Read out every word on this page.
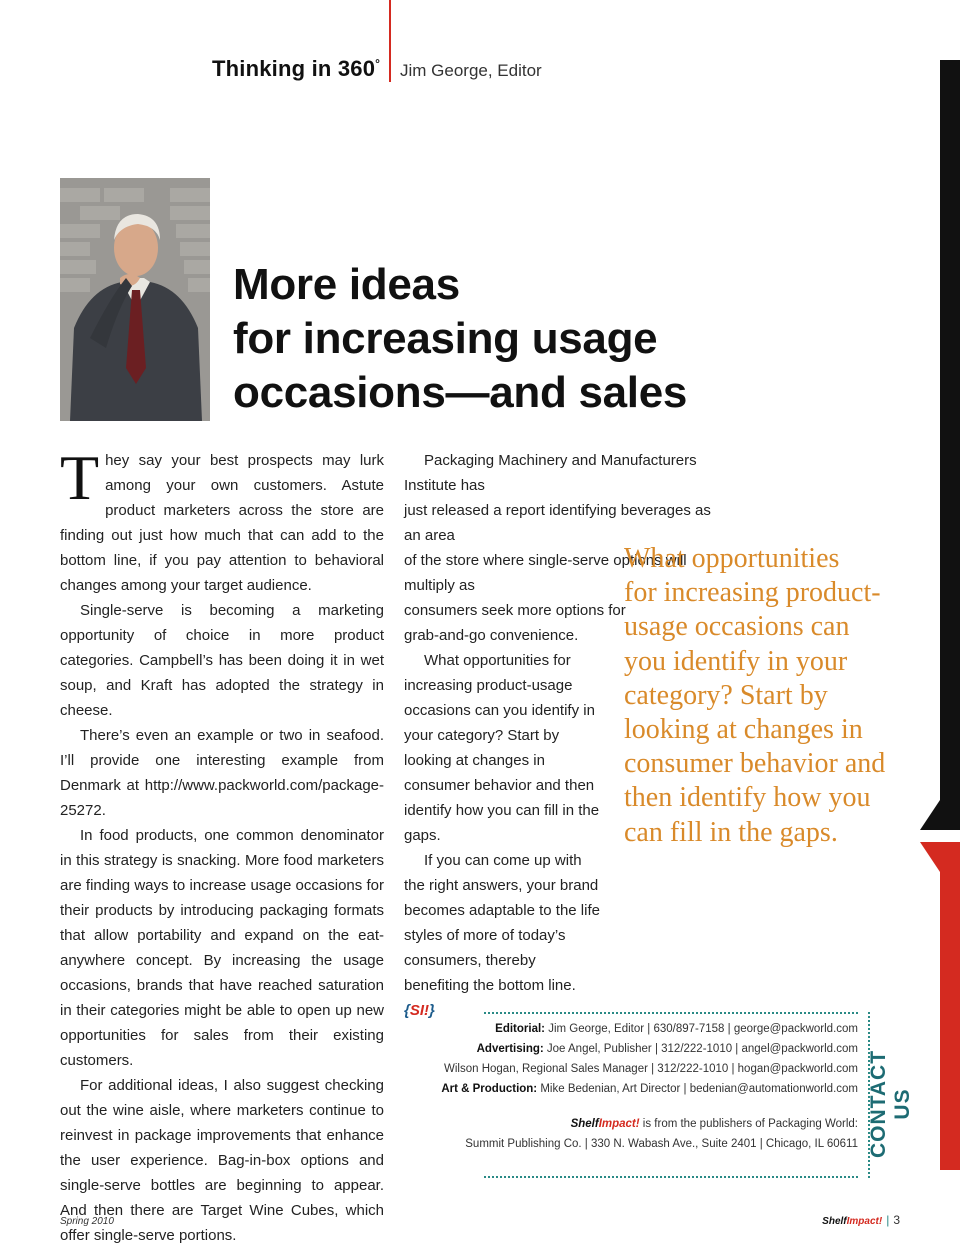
Thinking in 360° Jim George, Editor
More ideas
for increasing usage
occasions—and sales

They say your best prospects may lurk among your own customers. Astute product marketers across the store are finding out just how much that can add to the bottom line, if you pay attention to behavioral changes among your target audience.

Single-serve is becoming a marketing opportunity of choice in more product categories. Campbell’s has been doing it in wet soup, and Kraft has adopted the strategy in cheese.

There’s even an example or two in seafood. I’ll provide one interesting example from Denmark at http://www.packworld.com/package-25272.

In food products, one common denominator in this strategy is snacking. More food marketers are finding ways to increase usage occasions for their products by introducing packaging formats that allow portability and expand on the eat-anywhere concept. By increasing the usage occasions, brands that have reached saturation in their categories might be able to open up new opportunities for sales from their existing customers.

For additional ideas, I also suggest checking out the wine aisle, where marketers continue to reinvest in package improvements that enhance the user experience. Bag-in-box options and single-serve bottles are beginning to appear. And then there are Target Wine Cubes, which offer single-serve portions.

Packaging Machinery and Manufacturers Institute has
just released a report identifying beverages as an area
of the store where single-serve options will multiply as
consumers seek more options for
grab-and-go convenience.

What opportunities for increasing product-usage occasions can you identify in your category? Start by looking at changes in consumer behavior and then identify how you can fill in the gaps.

If you can come up with the right answers, your brand becomes adaptable to the life styles of more of today’s consumers, thereby benefiting the bottom line.{SI!}

What opportunities
for increasing product-
usage occasions can
you identify in your
category? Start by
looking at changes in
consumer behavior and
then identify how you
can fill in the gaps.
CONTACT US
Editorial: Jim George, Editor | 630/897-7158 | george@packworld.com
Advertising: Joe Angel, Publisher | 312/222-1010 | angel@packworld.com
Wilson Hogan, Regional Sales Manager | 312/222-1010 | hogan@packworld.com
Art & Production: Mike Bedenian, Art Director | bedenian@automationworld.com
ShelfImpact! is from the publishers of Packaging World:
Summit Publishing Co. | 330 N. Wabash Ave., Suite 2401 | Chicago, IL 60611
Spring 2010	ShelfImpact! | 3
